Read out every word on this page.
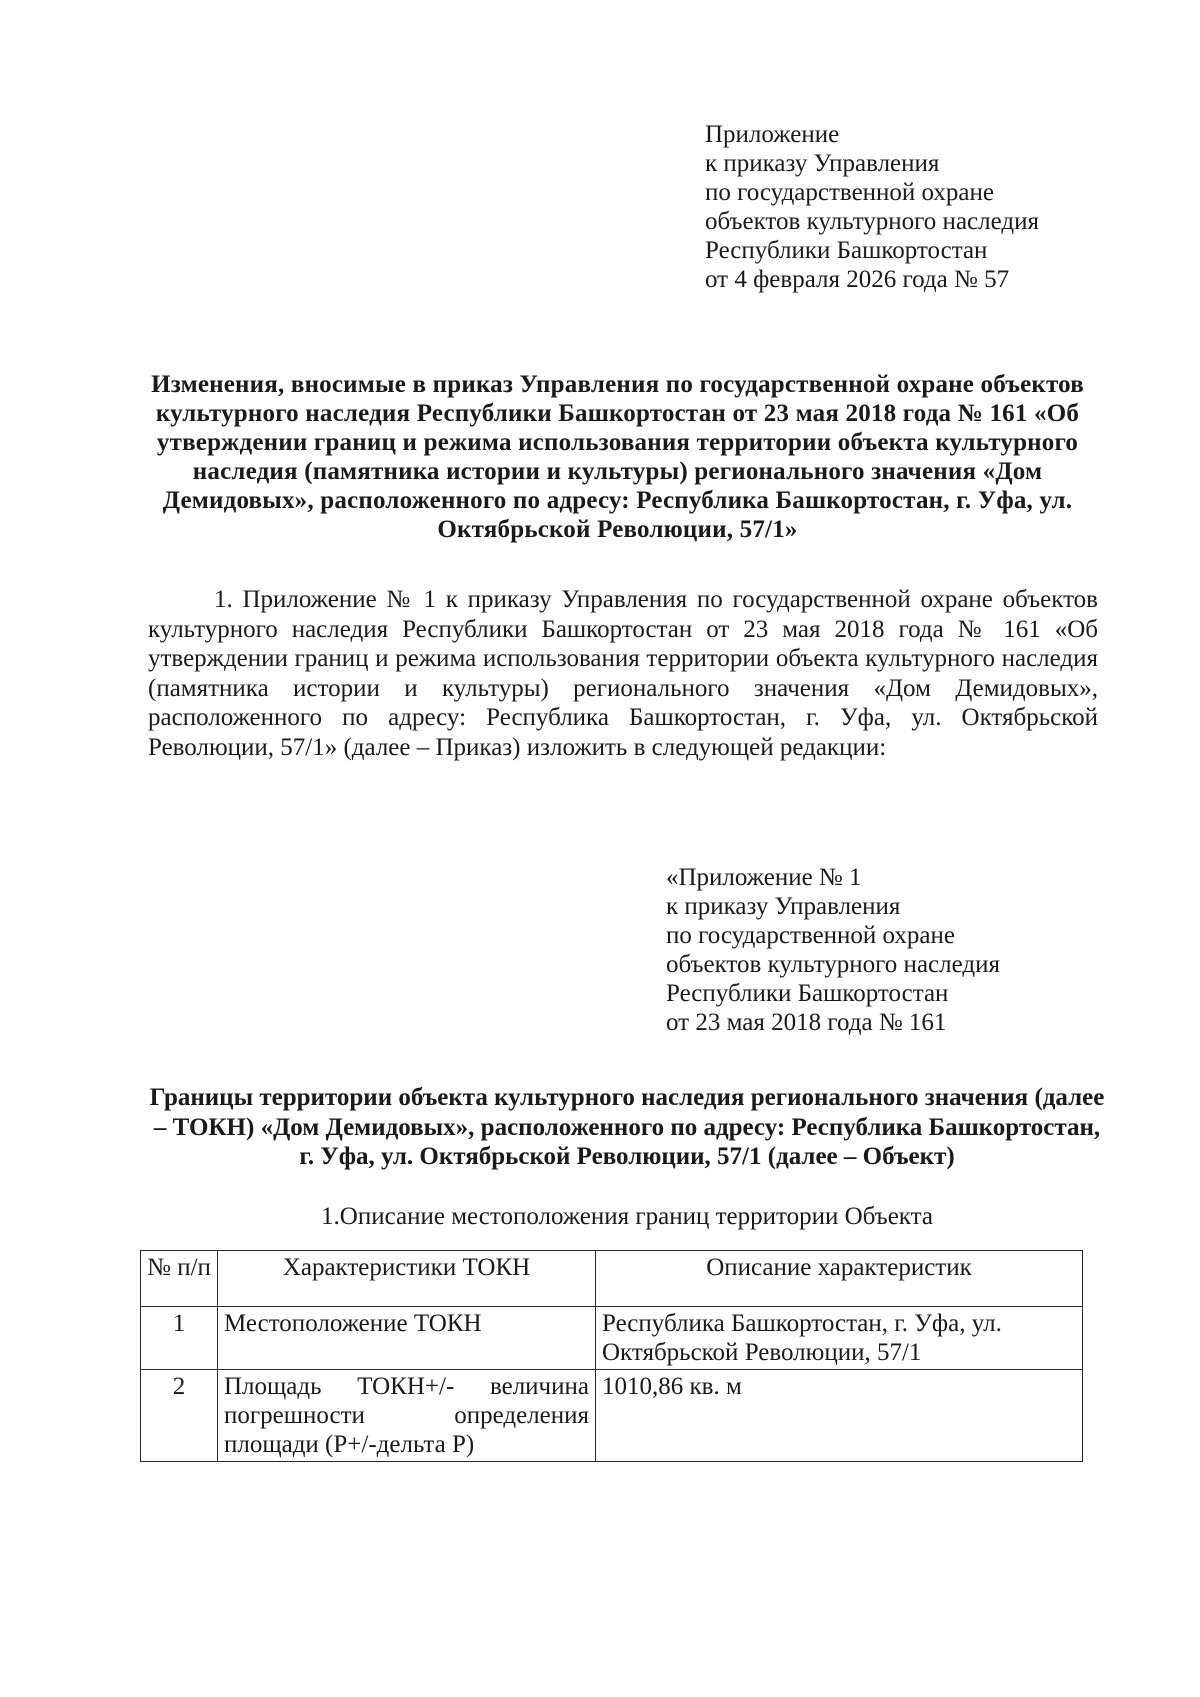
Приложение
к приказу Управления
по государственной охране
объектов культурного наследия
Республики Башкортостан
от 4 февраля 2026 года № 57
Изменения, вносимые в приказ Управления по государственной охране объектов культурного наследия Республики Башкортостан от 23 мая 2018 года № 161 «Об утверждении границ и режима использования территории объекта культурного наследия (памятника истории и культуры) регионального значения «Дом Демидовых», расположенного по адресу: Республика Башкортостан, г. Уфа, ул. Октябрьской Революции, 57/1»
1. Приложение № 1 к приказу Управления по государственной охране объектов культурного наследия Республики Башкортостан от 23 мая 2018 года № 161 «Об утверждении границ и режима использования территории объекта культурного наследия (памятника истории и культуры) регионального значения «Дом Демидовых», расположенного по адресу: Республика Башкортостан, г. Уфа, ул. Октябрьской Революции, 57/1» (далее – Приказ) изложить в следующей редакции:
«Приложение № 1
к приказу Управления
по государственной охране
объектов культурного наследия
Республики Башкортостан
от 23 мая 2018 года № 161
Границы территории объекта культурного наследия регионального значения (далее – ТОКН) «Дом Демидовых», расположенного по адресу: Республика Башкортостан, г. Уфа, ул. Октябрьской Революции, 57/1 (далее – Объект)
1.Описание местоположения границ территории Объекта
№ п/п	Характеристики ТОКН	Описание характеристик
1	Местоположение ТОКН	Республика Башкортостан, г. Уфа, ул. Октябрьской Революции, 57/1
2	Площадь ТОКН+/- величина погрешности определения площади (P+/-дельта P)	1010,86 кв. м
